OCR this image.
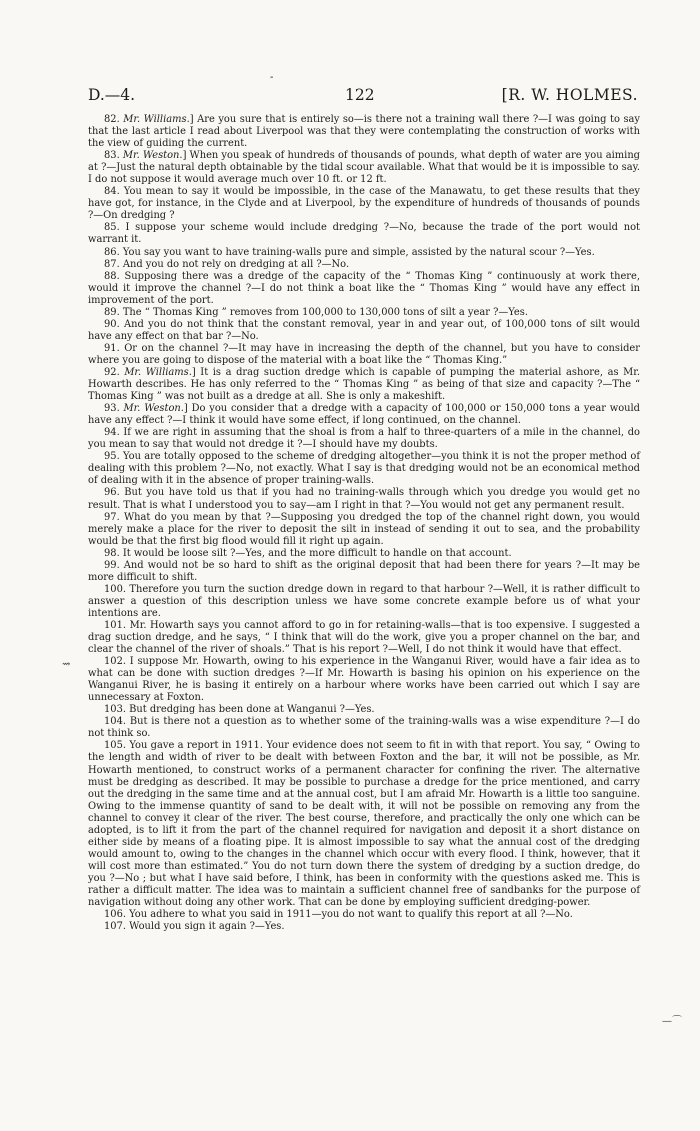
-
D.—4.	122	[R. W. HOLMES.

82. Mr. Williams.] Are you sure that is entirely so—is there not a training wall there ?—I was going to say that the last article I read about Liverpool was that they were contemplating the construction of works with the view of guiding the current.

83. Mr. Weston.] When you speak of hundreds of thousands of pounds, what depth of water are you aiming at ?—Just the natural depth obtainable by the tidal scour available. What that would be it is impossible to say. I do not suppose it would average much over 10 ft. or 12 ft.

84. You mean to say it would be impossible, in the case of the Manawatu, to get these results that they have got, for instance, in the Clyde and at Liverpool, by the expenditure of hundreds of thousands of pounds ?—On dredging ?

85. I suppose your scheme would include dredging ?—No, because the trade of the port would not warrant it.

86. You say you want to have training-walls pure and simple, assisted by the natural scour ?—Yes.

87. And you do not rely on dredging at all ?—No.

88. Supposing there was a dredge of the capacity of the “ Thomas King ” continuously at work there, would it improve the channel ?—I do not think a boat like the “ Thomas King ” would have any effect in improvement of the port.

89. The “ Thomas King ” removes from 100,000 to 130,000 tons of silt a year ?—Yes.

90. And you do not think that the constant removal, year in and year out, of 100,000 tons of silt would have any effect on that bar ?—No.

91. Or on the channel ?—It may have in increasing the depth of the channel, but you have to consider where you are going to dispose of the material with a boat like the “ Thomas King.”

92. Mr. Williams.] It is a drag suction dredge which is capable of pumping the material ashore, as Mr. Howarth describes. He has only referred to the “ Thomas King ” as being of that size and capacity ?—The “ Thomas King ” was not built as a dredge at all. She is only a makeshift.

93. Mr. Weston.] Do you consider that a dredge with a capacity of 100,000 or 150,000 tons a year would have any effect ?—I think it would have some effect, if long continued, on the channel.

94. If we are right in assuming that the shoal is from a half to three-quarters of a mile in the channel, do you mean to say that would not dredge it ?—I should have my doubts.

95. You are totally opposed to the scheme of dredging altogether—you think it is not the proper method of dealing with this problem ?—No, not exactly. What I say is that dredging would not be an economical method of dealing with it in the absence of proper training-walls.

96. But you have told us that if you had no training-walls through which you dredge you would get no result. That is what I understood you to say—am I right in that ?—You would not get any permanent result.

97. What do you mean by that ?—Supposing you dredged the top of the channel right down, you would merely make a place for the river to deposit the silt in instead of sending it out to sea, and the probability would be that the first big flood would fill it right up again.

98. It would be loose silt ?—Yes, and the more difficult to handle on that account.

99. And would not be so hard to shift as the original deposit that had been there for years ?—It may be more difficult to shift.

100. Therefore you turn the suction dredge down in regard to that harbour ?—Well, it is rather difficult to answer a question of this description unless we have some concrete example before us of what your intentions are.

101. Mr. Howarth says you cannot afford to go in for retaining-walls—that is too expensive. I suggested a drag suction dredge, and he says, “ I think that will do the work, give you a proper channel on the bar, and clear the channel of the river of shoals.” That is his report ?—Well, I do not think it would have that effect.

102. I suppose Mr. Howarth, owing to his experience in the Wanganui River, would have a fair idea as to what can be done with suction dredges ?—If Mr. Howarth is basing his opinion on his experience on the Wanganui River, he is basing it entirely on a harbour where works have been carried out which I say are unnecessary at Foxton.

103. But dredging has been done at Wanganui ?—Yes.

104. But is there not a question as to whether some of the training-walls was a wise expenditure ?—I do not think so.

105. You gave a report in 1911. Your evidence does not seem to fit in with that report. You say, “ Owing to the length and width of river to be dealt with between Foxton and the bar, it will not be possible, as Mr. Howarth mentioned, to construct works of a permanent character for confining the river. The alternative must be dredging as described. It may be possible to purchase a dredge for the price mentioned, and carry out the dredging in the same time and at the annual cost, but I am afraid Mr. Howarth is a little too sanguine. Owing to the immense quantity of sand to be dealt with, it will not be possible on removing any from the channel to convey it clear of the river. The best course, therefore, and practically the only one which can be adopted, is to lift it from the part of the channel required for navigation and deposit it a short distance on either side by means of a floating pipe. It is almost impossible to say what the annual cost of the dredging would amount to, owing to the changes in the channel which occur with every flood. I think, however, that it will cost more than estimated.” You do not turn down there the system of dredging by a suction dredge, do you ?—No ; but what I have said before, I think, has been in conformity with the questions asked me. This is rather a difficult matter. The idea was to maintain a sufficient channel free of sandbanks for the purpose of navigation without doing any other work. That can be done by employing sufficient dredging-power.

106. You adhere to what you said in 1911—you do not want to qualify this report at all ?—No.

107. Would you sign it again ?—Yes.

⇝
—⌒
